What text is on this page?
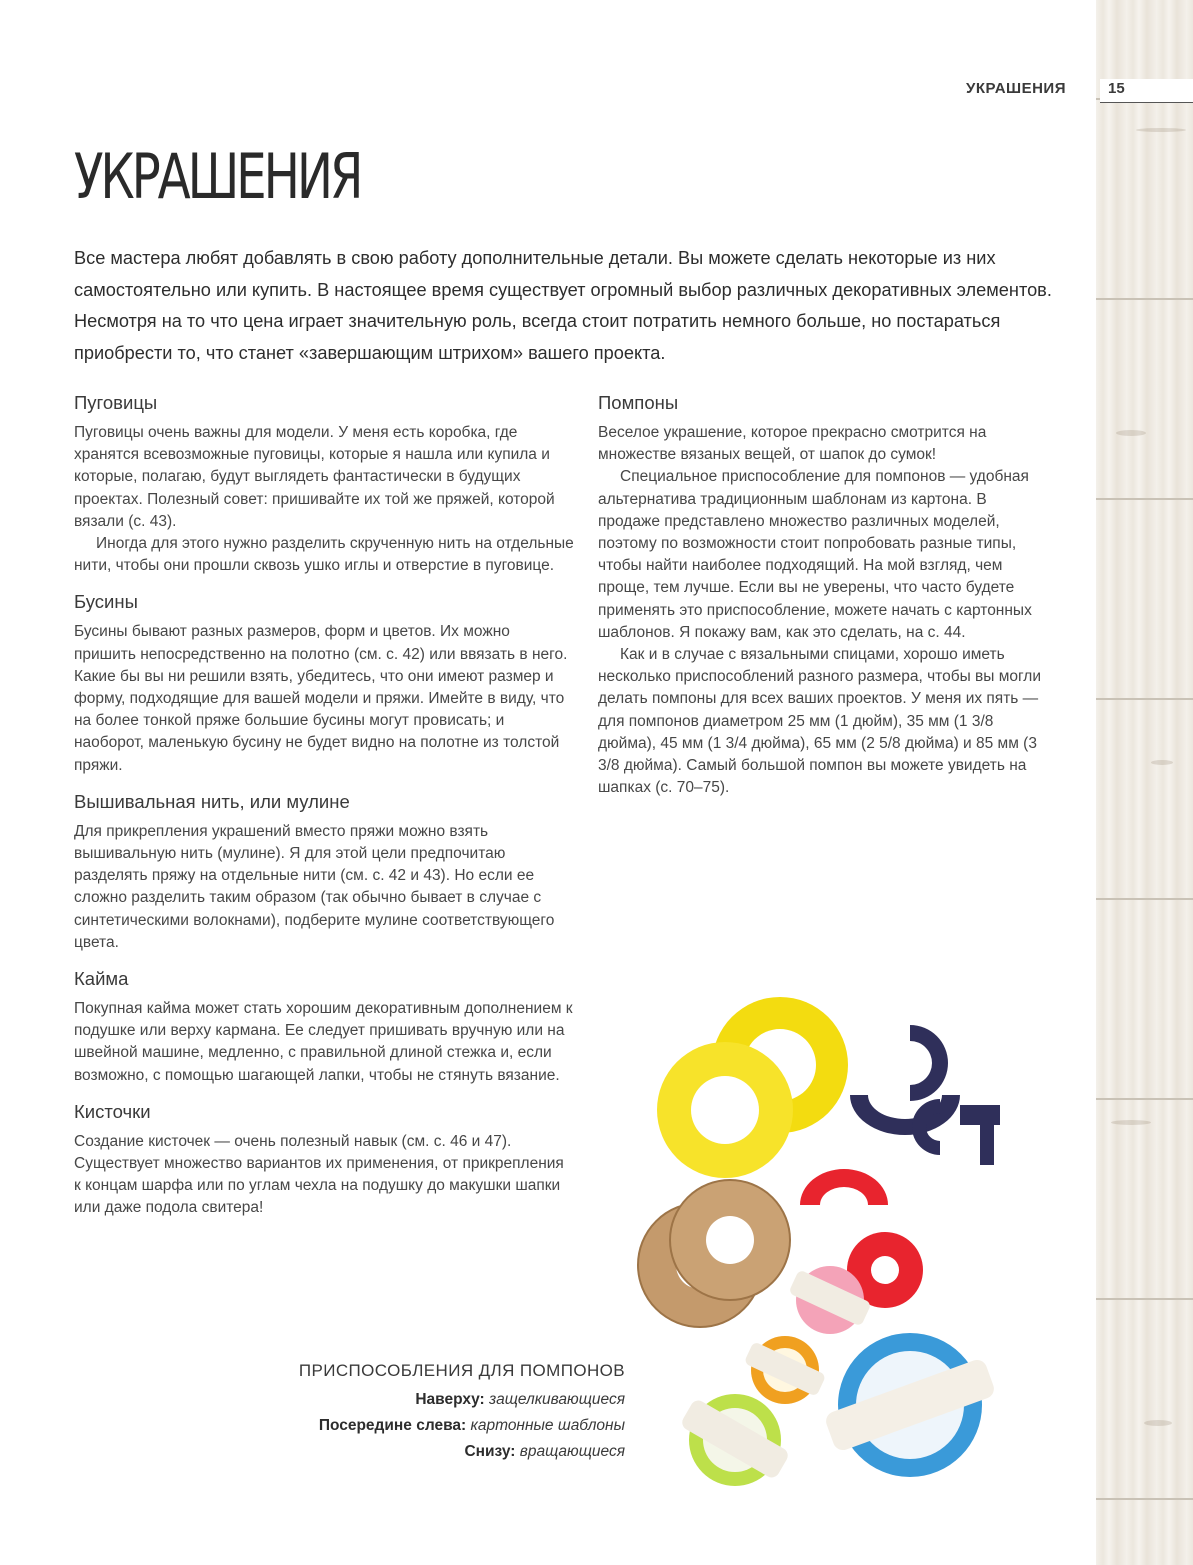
УКРАШЕНИЯ	15
УКРАШЕНИЯ

Все мастера любят добавлять в свою работу дополнительные детали. Вы можете сделать некоторые из них самостоятельно или купить. В настоящее время существует огромный выбор различных декоративных элементов. Несмотря на то что цена играет значительную роль, всегда стоит потратить немного больше, но постараться приобрести то, что станет «завершающим штрихом» вашего проекта.

Пуговицы

Пуговицы очень важны для модели. У меня есть коробка, где хранятся всевозможные пуговицы, которые я нашла или купила и которые, полагаю, будут выглядеть фантастически в будущих проектах. Полезный совет: пришивайте их той же пряжей, которой вязали (с. 43).

Иногда для этого нужно разделить скрученную нить на отдельные нити, чтобы они прошли сквозь ушко иглы и отверстие в пуговице.

Бусины

Бусины бывают разных размеров, форм и цветов. Их можно пришить непосредственно на полотно (см. с. 42) или ввязать в него. Какие бы вы ни решили взять, убедитесь, что они имеют размер и форму, подходящие для вашей модели и пряжи. Имейте в виду, что на более тонкой пряже большие бусины могут провисать; и наоборот, маленькую бусину не будет видно на полотне из толстой пряжи.

Вышивальная нить, или мулине

Для прикрепления украшений вместо пряжи можно взять вышивальную нить (мулине). Я для этой цели предпочитаю разделять пряжу на отдельные нити (см. с. 42 и 43). Но если ее сложно разделить таким образом (так обычно бывает в случае с синтетическими волокнами), подберите мулине соответствующего цвета.

Кайма

Покупная кайма может стать хорошим декоративным дополнением к подушке или верху кармана. Ее следует пришивать вручную или на швейной машине, медленно, с правильной длиной стежка и, если возможно, с помощью шагающей лапки, чтобы не стянуть вязание.

Кисточки

Создание кисточек — очень полезный навык (см. с. 46 и 47). Существует множество вариантов их применения, от прикрепления к концам шарфа или по углам чехла на подушку до макушки шапки или даже подола свитера!

Помпоны

Веселое украшение, которое прекрасно смотрится на множестве вязаных вещей, от шапок до сумок!

Специальное приспособление для помпонов — удобная альтернатива традиционным шаблонам из картона. В продаже представлено множество различных моделей, поэтому по возможности стоит попробовать разные типы, чтобы найти наиболее подходящий. На мой взгляд, чем проще, тем лучше. Если вы не уверены, что часто будете применять это приспособление, можете начать с картонных шаблонов. Я покажу вам, как это сделать, на с. 44.

Как и в случае с вязальными спицами, хорошо иметь несколько приспособлений разного размера, чтобы вы могли делать помпоны для всех ваших проектов. У меня их пять — для помпонов диаметром 25 мм (1 дюйм), 35 мм (1 3/8 дюйма), 45 мм (1 3/4 дюйма), 65 мм (2 5/8 дюйма) и 85 мм (3 3/8 дюйма). Самый большой помпон вы можете увидеть на шапках (с. 70–75).

ПРИСПОСОБЛЕНИЯ ДЛЯ ПОМПОНОВ
Наверху: защелкивающиеся
Посередине слева: картонные шаблоны
Снизу: вращающиеся
